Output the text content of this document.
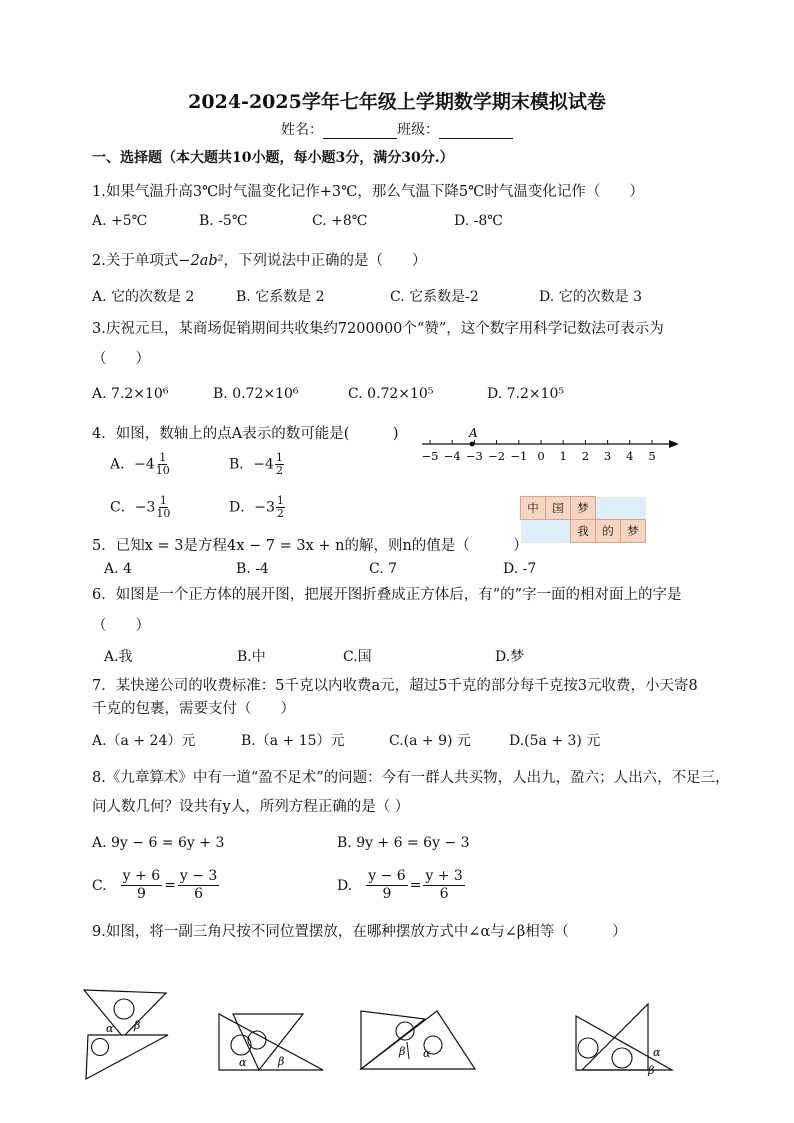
2024-2025学年七年级上学期数学期末模拟试卷
姓名：	班级：
一、选择题（本大题共10小题，每小题3分，满分30分.）
1.如果气温升高3℃时气温变化记作+3℃，那么气温下降5℃时气温变化记作（　　）
A. +5℃	B. -5℃	C. +8℃	D. -8℃
2.关于单项式−2ab²，下列说法中正确的是（　　）
A. 它的次数是 2	B. 它系数是 2	C. 它系数是-2	D. 它的次数是 3
3.庆祝元旦，某商场促销期间共收集约7200000个“赞”，这个数字用科学记数法可表示为
（　　）
A. 7.2×10⁶	B. 0.72×10⁶	C. 0.72×10⁵	D. 7.2×10⁵
4．如图，数轴上的点A表示的数可能是(　　　)
A．$-4 \frac{1}{10}$	B．$-4 \frac{1}{2}$
C．$-3 \frac{1}{10}$	D．$-3 \frac{1}{2}$
−5 −4 −3 −2 −1 0 1 2 3 4 5
A
中	国	梦		
		我	的	梦
5．已知x = 3是方程4x − 7 = 3x + n的解，则n的值是（　　　）
A. 4	B. -4	C. 7	D. -7
6．如图是一个正方体的展开图，把展开图折叠成正方体后，有“的”字一面的相对面上的字是
（　　）
A.我	B.中	C.国	D.梦
7．某快递公司的收费标准：5千克以内收费a元，超过5千克的部分每千克按3元收费，小天寄8
千克的包裹，需要支付（　　）
A.（a + 24）元	B.（a + 15）元	C.(a + 9) 元	D.(5a + 3) 元
8.《九章算术》中有一道“盈不足术”的问题：今有一群人共买物，人出九，盈六；人出六，不足三，
问人数几何？设共有y人，所列方程正确的是（ ）
A. 9y − 6 = 6y + 3	B. 9y + 6 = 6y − 3
C. $\frac{y + 6}{9} = \frac{y - 3}{6}$	D. $\frac{y - 6}{9} = \frac{y + 3}{6}$
9.如图，将一副三角尺按不同位置摆放，在哪种摆放方式中∠α与∠β相等（　　　）
α β
α	β
β α	α
β
